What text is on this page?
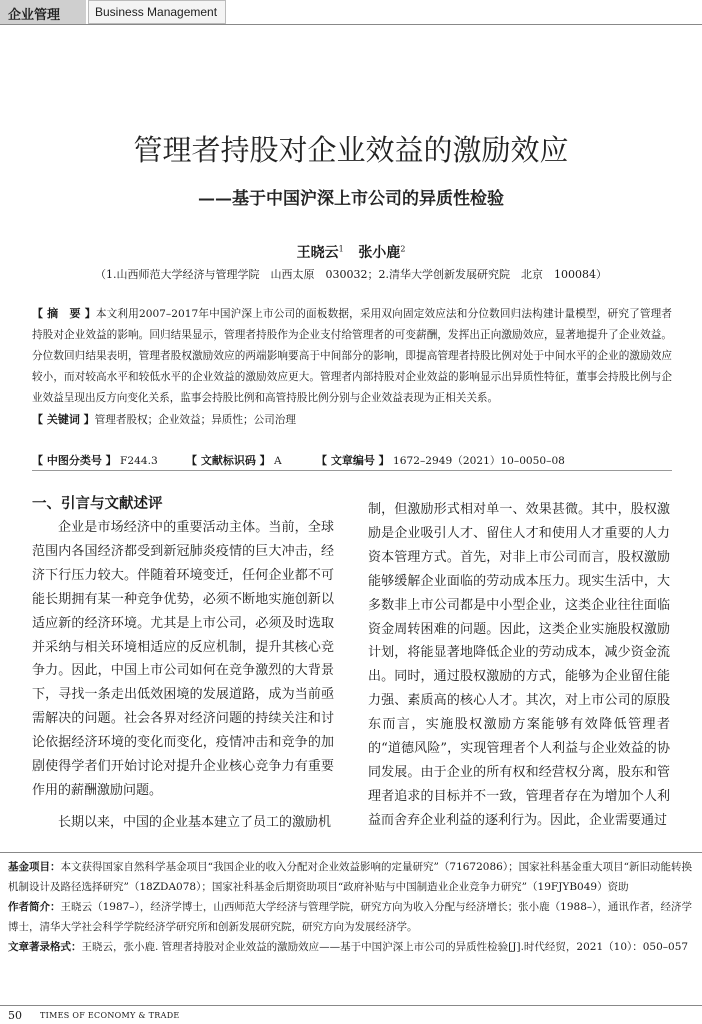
企业管理	Business Management
管理者持股对企业效益的激励效应
——基于中国沪深上市公司的异质性检验
王晓云$^1$ 张小鹿$^2$
（1.山西师范大学经济与管理学院　山西太原　030032；2.清华大学创新发展研究院　北京　100084）

【 摘　要 】本文利用2007–2017年中国沪深上市公司的面板数据，采用双向固定效应法和分位数回归法构建计量模型，研究了管理者持股对企业效益的影响。回归结果显示，管理者持股作为企业支付给管理者的可变薪酬，发挥出正向激励效应，显著地提升了企业效益。分位数回归结果表明，管理者股权激励效应的两端影响要高于中间部分的影响，即提高管理者持股比例对处于中间水平的企业的激励效应较小，而对较高水平和较低水平的企业效益的激励效应更大。管理者内部持股对企业效益的影响显示出异质性特征，董事会持股比例与企业效益呈现出反方向变化关系，监事会持股比例和高管持股比例分别与企业效益表现为正相关关系。

【 关键词 】管理者股权；企业效益；异质性；公司治理

【 中图分类号 】 F244.3	【 文献标识码 】 A	【 文章编号 】 1672–2949（2021）10–0050–08

一、引言与文献述评

企业是市场经济中的重要活动主体。当前，全球范围内各国经济都受到新冠肺炎疫情的巨大冲击，经济下行压力较大。伴随着环境变迁，任何企业都不可能长期拥有某一种竞争优势，必须不断地实施创新以适应新的经济环境。尤其是上市公司，必须及时选取并采纳与相关环境相适应的反应机制，提升其核心竞争力。因此，中国上市公司如何在竞争激烈的大背景下，寻找一条走出低效困境的发展道路，成为当前亟需解决的问题。社会各界对经济问题的持续关注和讨论依据经济环境的变化而变化，疫情冲击和竞争的加剧使得学者们开始讨论对提升企业核心竞争力有重要作用的薪酬激励问题。

长期以来，中国的企业基本建立了员工的激励机

制，但激励形式相对单一、效果甚微。其中，股权激励是企业吸引人才、留住人才和使用人才重要的人力资本管理方式。首先，对非上市公司而言，股权激励能够缓解企业面临的劳动成本压力。现实生活中，大多数非上市公司都是中小型企业，这类企业往往面临资金周转困难的问题。因此，这类企业实施股权激励计划，将能显著地降低企业的劳动成本，减少资金流出。同时，通过股权激励的方式，能够为企业留住能力强、素质高的核心人才。其次，对上市公司的原股东而言，实施股权激励方案能够有效降低管理者的“道德风险”，实现管理者个人利益与企业效益的协同发展。由于企业的所有权和经营权分离，股东和管理者追求的目标并不一致，管理者存在为增加个人利益而舍弃企业利益的逐利行为。因此，企业需要通过

基金项目：本文获得国家自然科学基金项目“我国企业的收入分配对企业效益影响的定量研究”（71672086）；国家社科基金重大项目“新旧动能转换机制设计及路径选择研究”（18ZDA078）；国家社科基金后期资助项目“政府补贴与中国制造业企业竞争力研究”（19FJYB049）资助

作者简介：王晓云（1987–），经济学博士，山西师范大学经济与管理学院，研究方向为收入分配与经济增长；张小鹿（1988–），通讯作者，经济学博士，清华大学社会科学学院经济学研究所和创新发展研究院，研究方向为发展经济学。

文章著录格式：王晓云，张小鹿. 管理者持股对企业效益的激励效应——基于中国沪深上市公司的异质性检验[J].时代经贸，2021（10）：050–057

50 TIMES OF ECONOMY & TRADE
